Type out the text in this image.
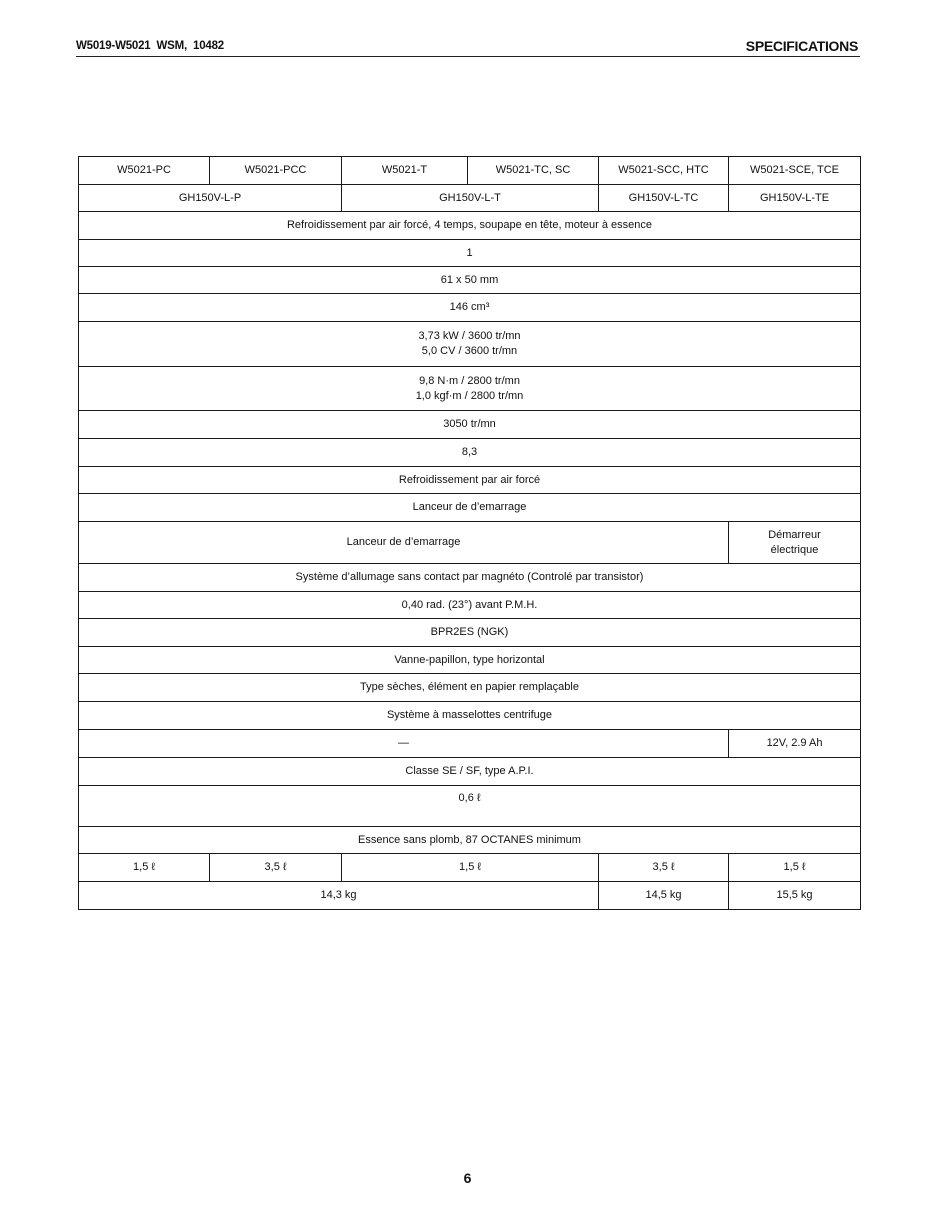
W5019-W5021 WSM, 10482	SPECIFICATIONS
W5021-PC	W5021-PCC	W5021-T	W5021-TC, SC	W5021-SCC, HTC	W5021-SCE, TCE
GH150V-L-P		GH150V-L-T		GH150V-L-TC	GH150V-L-TE
Refroidissement par air forcé, 4 temps, soupape en tête, moteur à essence					
1					
61 x 50 mm					
146 cm³					

3,73 kW / 3600 tr/mn
5,0 CV / 3600 tr/mn					

9,8 N·m / 2800 tr/mn
1,0 kgf·m / 2800 tr/mn					

3050 tr/mn					
8,3					
Refroidissement par air forcé					
Lanceur de d’emarrage					
Lanceur de d’emarrage					Démarreur
électrique

Système d’allumage sans contact par magnéto (Controlé par transistor)					
0,40 rad. (23°) avant P.M.H.					
BPR2ES (NGK)					
Vanne-papillon, type horizontal					
Type sèches, élément en papier remplaçable					
Système à masselottes centrifuge					
—					12V, 2.9 Ah
Classe SE / SF, type A.P.I.					
0,6 ℓ					
Essence sans plomb, 87 OCTANES minimum					
1,5 ℓ	3,5 ℓ	1,5 ℓ		3,5 ℓ	1,5 ℓ
14,3 kg				14,5 kg	15,5 kg
6
